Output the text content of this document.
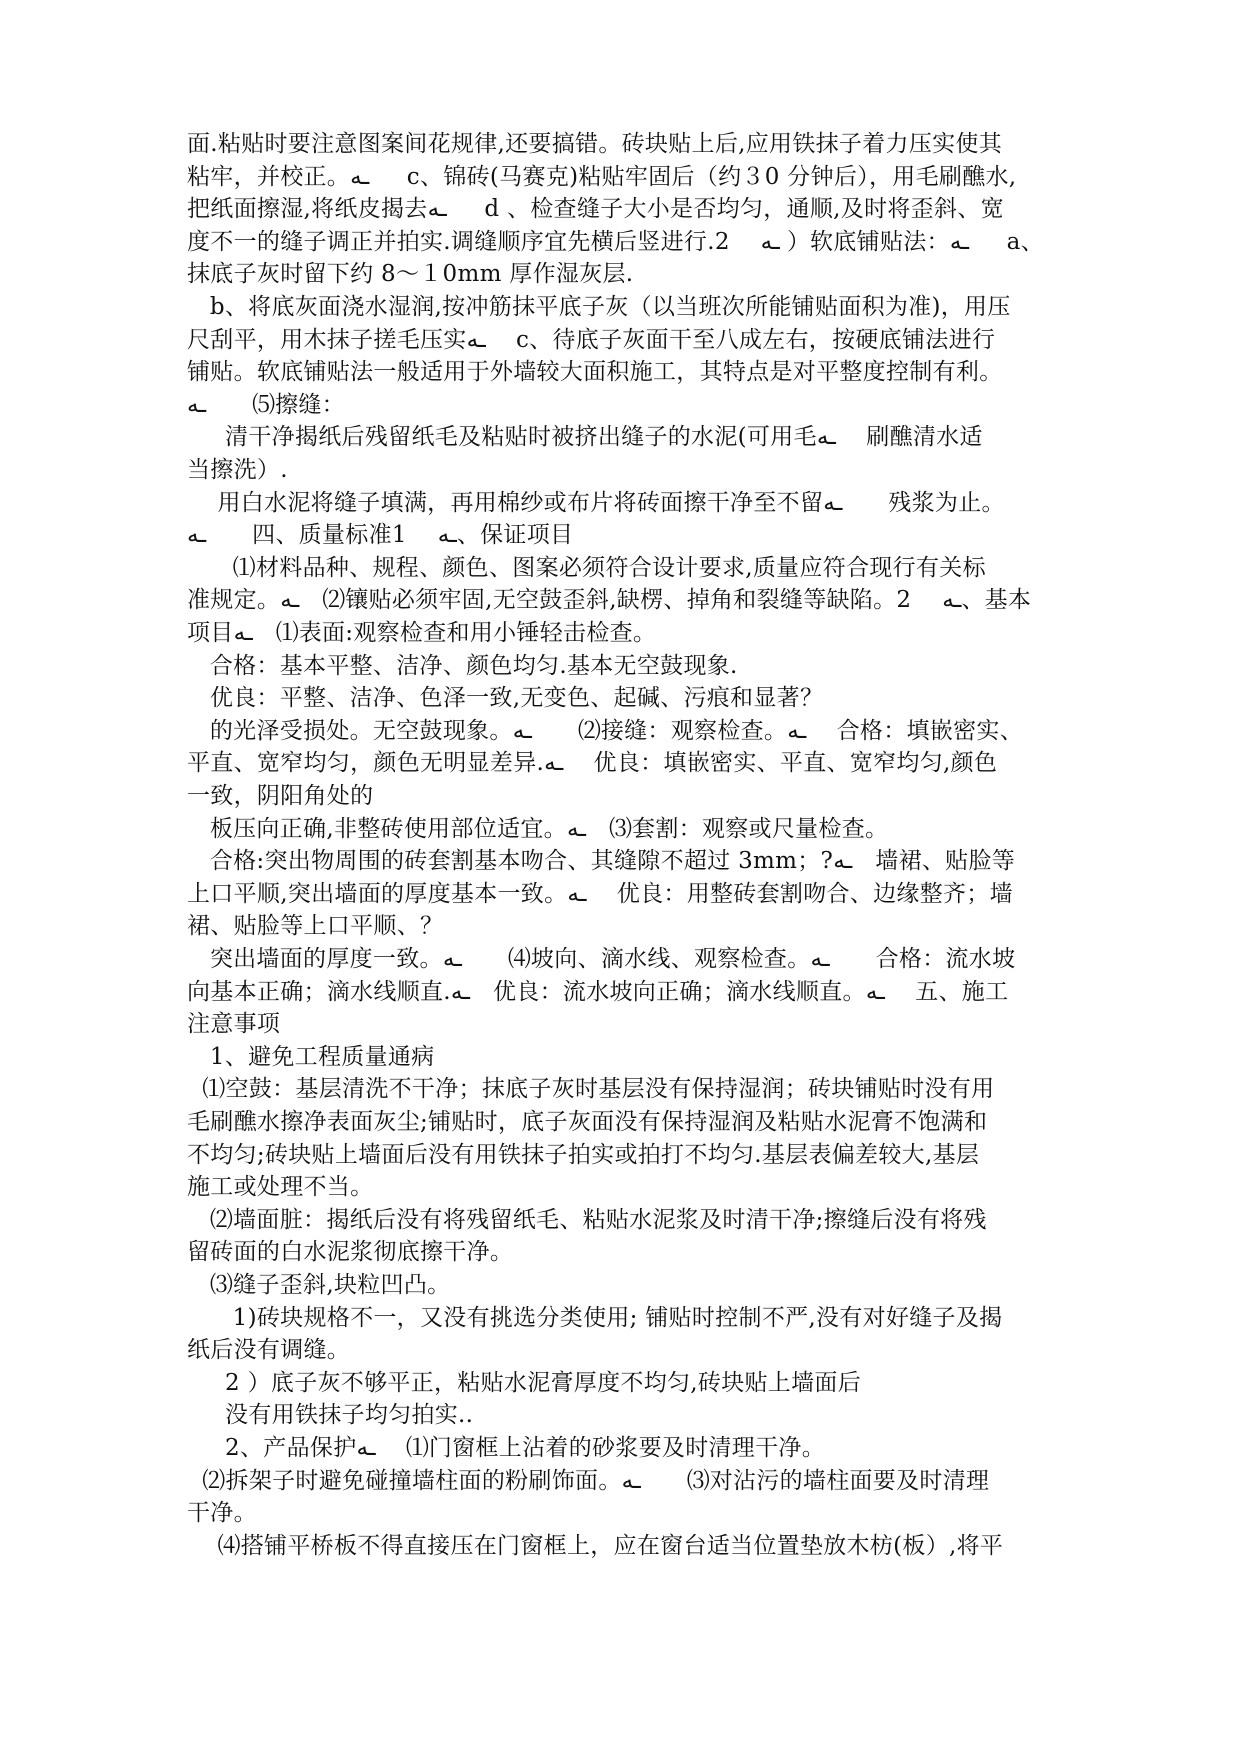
面.粘贴时要注意图案间花规律,还要搞错。砖块贴上后,应用铁抹子着力压实使其
粘牢，并校正。ـه　  c、锦砖(马赛克)粘贴牢固后（约３0 分钟后），用毛刷醮水,
把纸面擦湿,将纸皮揭去ـه　  d 、检查缝子大小是否均匀，通顺,及时将歪斜、宽
度不一的缝子调正并拍实.调缝顺序宜先横后竖进行.2 　ـه ）软底铺贴法：ـه 　 a、
抹底子灰时留下约 8～１0mm 厚作湿灰层.
b、将底灰面浇水湿润,按冲筋抹平底子灰（以当班次所能铺贴面积为准)，用压
尺刮平，用木抹子搓毛压实ـه　 c、待底子灰面干至八成左右，按硬底铺法进行
铺贴。软底铺贴法一般适用于外墙较大面积施工，其特点是对平整度控制有利。
ـه　　⑸擦缝：
清干净揭纸后残留纸毛及粘贴时被挤出缝子的水泥(可用毛ـه 　刷醮清水适
当擦洗）.
用白水泥将缝子填满，再用棉纱或布片将砖面擦干净至不留ـه　　残浆为止。
ـه　　四、质量标准1 　ـه、保证项目
⑴材料品种、规程、颜色、图案必须符合设计要求,质量应符合现行有关标
准规定。ـه　⑵镶贴必须牢固,无空鼓歪斜,缺楞、掉角和裂缝等缺陷。2 　ـه、基本
项目ـه　⑴表面:观察检查和用小锤轻击检查。
合格：基本平整、洁净、颜色均匀.基本无空鼓现象.
优良：平整、洁净、色泽一致,无变色、起碱、污痕和显著？
的光泽受损处。无空鼓现象。ـه　　⑵接缝：观察检查。ـه　 合格：填嵌密实、
平直、宽窄均匀，颜色无明显差异.ـه　 优良：填嵌密实、平直、宽窄均匀,颜色
一致，阴阳角处的
板压向正确,非整砖使用部位适宜。ـه　⑶套割：观察或尺量检查。
合格:突出物周围的砖套割基本吻合、其缝隙不超过 3mm；?ـه　墙裙、贴脸等
上口平顺,突出墙面的厚度基本一致。ـه　 优良：用整砖套割吻合、边缘整齐；墙
裙、贴脸等上口平顺、？
突出墙面的厚度一致。ـه　　⑷坡向、滴水线、观察检查。ـه　　合格：流水坡
向基本正确；滴水线顺直.ـه　优良：流水坡向正确；滴水线顺直。ـه　 五、施工
注意事项
1、避免工程质量通病
⑴空鼓：基层清洗不干净；抹底子灰时基层没有保持湿润；砖块铺贴时没有用
毛刷醮水擦净表面灰尘;铺贴时，底子灰面没有保持湿润及粘贴水泥膏不饱满和
不均匀;砖块贴上墙面后没有用铁抹子拍实或拍打不均匀.基层表偏差较大,基层
施工或处理不当。
⑵墙面脏：揭纸后没有将残留纸毛、粘贴水泥浆及时清干净;擦缝后没有将残
留砖面的白水泥浆彻底擦干净。
⑶缝子歪斜,块粒凹凸。
1)砖块规格不一，又没有挑选分类使用; 铺贴时控制不严,没有对好缝子及揭
纸后没有调缝。
2 ）底子灰不够平正，粘贴水泥膏厚度不均匀,砖块贴上墙面后
没有用铁抹子均匀拍实..
2、产品保护ـه　 ⑴门窗框上沾着的砂浆要及时清理干净。
⑵拆架子时避免碰撞墙柱面的粉刷饰面。ـه　　⑶对沾污的墙柱面要及时清理
干净。
⑷搭铺平桥板不得直接压在门窗框上，应在窗台适当位置垫放木枋(板）,将平
